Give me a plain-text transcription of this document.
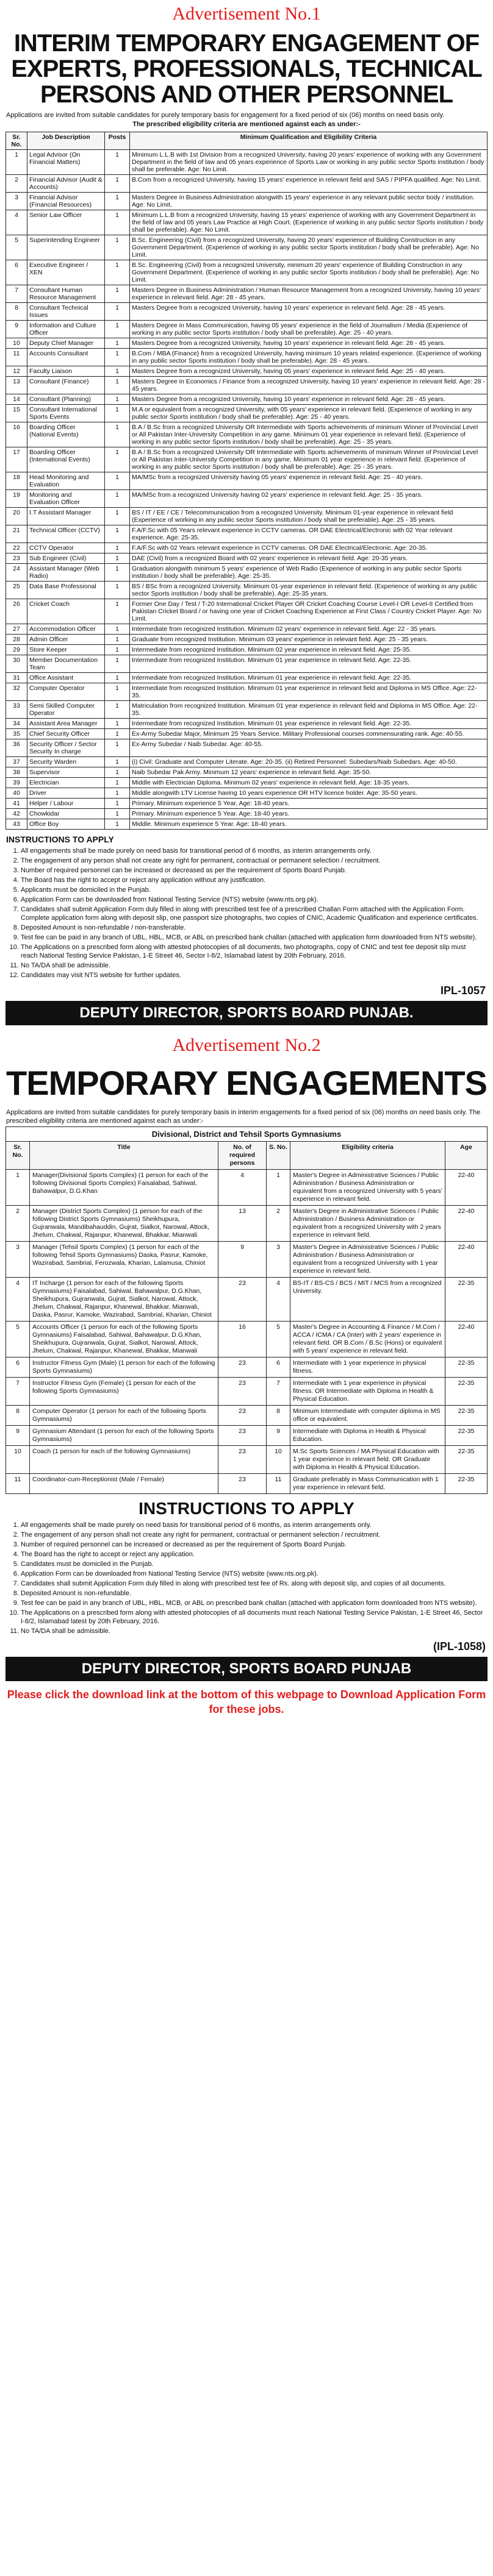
Advertisement No.1
INTERIM TEMPORARY ENGAGEMENT OF EXPERTS, PROFESSIONALS, TECHNICAL PERSONS AND OTHER PERSONNEL
Applications are invited from suitable candidates for purely temporary basis for engagement for a fixed period of six (06) months on need basis only.
The prescribed eligibility criteria are mentioned against each as under:-
Sr. No.	Job Description	Posts	Minimum Qualification and Eligibility Criteria
1	Legal Advisor (On Financial Matters)	1	Minimum L.L.B with 1st Division from a recognized University, having 20 years' experience of working with any Government Department in the field of law and 05 years experience of Sports Law or working in any public sector Sports institution / body shall be preferable. Age: No Limit.
2	Financial Advisor (Audit & Accounts)	1	B.Com from a recognized University, having 15 years' experience in relevant field and SAS / PIPFA qualified. Age: No Limit.
3	Financial Advisor (Financial Resources)	1	Masters Degree in Business Administration alongwith 15 years' experience in any relevant public sector body / institution. Age: No Limit.
4	Senior Law Officer	1	Minimum L.L.B from a recognized University, having 15 years' experience of working with any Government Department in the field of law and 05 years Law Practice at High Court. (Experience of working in any public sector Sports institution / body shall be preferable). Age: No Limit.
5	Superintending Engineer	1	B.Sc. Engineering (Civil) from a recognized University, having 20 years' experience of Building Construction in any Government Department. (Experience of working in any public sector Sports institution / body shall be preferable). Age: No Limit.
6	Executive Engineer / XEN	1	B.Sc. Engineering (Civil) from a recognized University, minimum 20 years' experience of Building Construction in any Government Department. (Experience of working in any public sector Sports institution / body shall be preferable). Age: No Limit.
7	Consultant Human Resource Management	1	Masters Degree in Business Administration / Human Resource Management from a recognized University, having 10 years' experience in relevant field. Age: 28 - 45 years.
8	Consultant Technical Issues	1	Masters Degree from a recognized University, having 10 years' experience in relevant field. Age: 28 - 45 years.
9	Information and Culture Officer	1	Masters Degree in Mass Communication, having 05 years' experience in the field of Journalism / Media (Experience of working in any public sector Sports institution / body shall be preferable). Age: 25 - 40 years.
10	Deputy Chief Manager	1	Masters Degree from a recognized University, having 10 years' experience in relevant field. Age: 28 - 45 years.
11	Accounts Consultant	1	B.Com / MBA (Finance) from a recognized University, having minimum 10 years related experience. (Experience of working in any public sector Sports institution / body shall be preferable). Age: 28 - 45 years.
12	Faculty Liaison	1	Masters Degree from a recognized University, having 05 years' experience in relevant field. Age: 25 - 40 years.
13	Consultant (Finance)	1	Masters Degree in Economics / Finance from a recognized University, having 10 years' experience in relevant field. Age: 28 - 45 years.
14	Consultant (Planning)	1	Masters Degree from a recognized University, having 10 years' experience in relevant field. Age: 28 - 45 years.
15	Consultant International Sports Events	1	M.A or equivalent from a recognized University, with 05 years' experience in relevant field. (Experience of working in any public sector Sports institution / body shall be preferable). Age: 25 - 40 years.
16	Boarding Officer (National Events)	1	B.A / B.Sc from a recognized University OR Intermediate with Sports achievements of minimum Winner of Provincial Level or All Pakistan Inter-University Competition in any game. Minimum 01 year experience in relevant field. (Experience of working in any public sector Sports institution / body shall be preferable). Age: 25 - 35 years.
17	Boarding Officer (International Events)	1	B.A / B.Sc from a recognized University OR Intermediate with Sports achievements of minimum Winner of Provincial Level or All Pakistan Inter-University Competition in any game. Minimum 01 year experience in relevant field. (Experience of working in any public sector Sports institution / body shall be preferable). Age: 25 - 35 years.
18	Head Monitoring and Evaluation	1	MA/MSc from a recognized University having 05 years' experience in relevant field. Age: 25 - 40 years.
19	Monitoring and Evaluation Officer	1	MA/MSc from a recognized University having 02 years' experience in relevant field. Age: 25 - 35 years.
20	I.T Assistant Manager	1	BS / IT / EE / CE / Telecommunication from a recognized University. Minimum 01-year experience in relevant field (Experience of working in any public sector Sports institution / body shall be preferable). Age: 25 - 35 years.
21	Technical Officer (CCTV)	1	F.A/F.Sc with 05 Years relevant experience in CCTV cameras. OR DAE Electrical/Electronic with 02 Year relevant experience. Age: 25-35.
22	CCTV Operator	1	F.A/F.Sc with 02 Years relevant experience in CCTV cameras. OR DAE Electrical/Electronic. Age: 20-35.
23	Sub Engineer (Civil)	1	DAE (Civil) from a recognized Board with 02 years' experience in relevant field. Age: 20-35 years.
24	Assistant Manager (Web Radio)	1	Graduation alongwith minimum 5 years' experience of Web Radio (Experience of working in any public sector Sports institution / body shall be preferable). Age: 25-35.
25	Data Base Professional	1	BS / BSc from a recognized University. Minimum 01-year experience in relevant field. (Experience of working in any public sector Sports institution / body shall be preferable). Age: 25-35 years.
26	Cricket Coach	1	Former One Day / Test / T-20 International Cricket Player OR Cricket Coaching Course Level-I OR Level-II Certified from Pakistan Cricket Board / or having one year of Cricket Coaching Experience at First Class / Country Cricket Player. Age: No Limit.
27	Accommodation Officer	1	Intermediate from recognized Institution. Minimum 02 years' experience in relevant field. Age: 22 - 35 years.
28	Admin Officer	1	Graduate from recognized Institution. Minimum 03 years' experience in relevant field. Age: 25 - 35 years.
29	Store Keeper	1	Intermediate from recognized Institution. Minimum 02 year experience in relevant field. Age: 25-35.
30	Member Documentation Team	1	Intermediate from recognized Institution. Minimum 01 year experience in relevant field. Age: 22-35.
31	Office Assistant	1	Intermediate from recognized Institution. Minimum 01 year experience in relevant field. Age: 22-35.
32	Computer Operator	1	Intermediate from recognized Institution. Minimum 01 year experience in relevant field and Diploma in MS Office. Age: 22-35.
33	Semi Skilled Computer Operator	1	Matriculation from recognized Institution. Minimum 01 year experience in relevant field and Diploma in MS Office. Age: 22-35.
34	Assistant Area Manager	1	Intermediate from recognized Institution. Minimum 01 year experience in relevant field. Age: 22-35.
35	Chief Security Officer	1	Ex-Army Subedar Major, Minimum 25 Years Service. Military Professional courses commensurating rank. Age: 40-55.
36	Security Officer / Sector Security In charge	1	Ex-Army Subedar / Naib Subedar. Age: 40-55.
37	Security Warden	1	(i) Civil: Graduate and Computer Literate. Age: 20-35. (ii) Retired Personnel: Subedars/Naib Subedars. Age: 40-50.
38	Supervisor	1	Naib Subedar Pak Army. Minimum 12 years' experience in relevant field. Age: 35-50.
39	Electrician	1	Middle with Electrician Diploma. Minimum 02 years' experience in relevant field. Age: 18-35 years.
40	Driver	1	Middle alongwith LTV License having 10 years experience OR HTV licence holder. Age: 35-50 years.
41	Helper / Labour	1	Primary. Minimum experience 5 Year. Age: 18-40 years.
42	Chowkidar	1	Primary. Minimum experience 5 Year. Age: 18-40 years.
43	Office Boy	1	Middle. Minimum experience 5 Year. Age: 18-40 years.
INSTRUCTIONS TO APPLY
1. All engagements shall be made purely on need basis for transitional period of 6 months, as interim arrangements only.
2. The engagement of any person shall not create any right for permanent, contractual or permanent selection / recruitment.
3. Number of required personnel can be increased or decreased as per the requirement of Sports Board Punjab.
4. The Board has the right to accept or reject any application without any justification.
5. Applicants must be domiciled in the Punjab.
6. Application Form can be downloaded from National Testing Service (NTS) website (www.nts.org.pk).
7. Candidates shall submit Application Form duly filled in along with prescribed test fee of a prescribed Challan Form attached with the Application Form. Complete application form along with deposit slip, one passport size photographs, two copies of CNIC, Academic Qualification and experience certificates.
8. Deposited Amount is non-refundable / non-transferable.
9. Test fee can be paid in any branch of UBL, HBL, MCB, or ABL on prescribed bank challan (attached with application form downloaded from NTS website).
10. The Applications on a prescribed form along with attested photocopies of all documents, two photographs, copy of CNIC and test fee deposit slip must reach National Testing Service Pakistan, 1-E Street 46, Sector I-8/2, Islamabad latest by 20th February, 2016.
11. No TA/DA shall be admissible.
12. Candidates may visit NTS website for further updates.
IPL-1057
DEPUTY DIRECTOR, SPORTS BOARD PUNJAB.
Advertisement No.2
TEMPORARY ENGAGEMENTS
Applications are invited from suitable candidates for purely temporary basis in interim engagements for a fixed period of six (06) months on need basis only. The prescribed eligibility criteria are mentioned against each as under:-
Divisional, District and Tehsil Sports Gymnasiums
Sr. No.	Title	No. of required persons	S. No.	Eligibility criteria	Age
1	Manager(Divisional Sports Complex) (1 person for each of the following Divisional Sports Complex) Faisalabad, Sahiwal, Bahawalpur, D.G.Khan	4	1	Master's Degree in Administrative Sciences / Public Administration / Business Administration or equivalent from a recognized University with 5 years' experience in relevant field.	22-40
2	Manager (District Sports Complex) (1 person for each of the following District Sports Gymnasiums) Sheikhupura, Gujranwala, Mandibahauddin, Gujrat, Sialkot, Narowal, Attock, Jhelum, Chakwal, Rajanpur, Khanewal, Bhakkar, Mianwali	13	2	Master's Degree in Administrative Sciences / Public Administration / Business Administration or equivalent from a recognized University with 2 years experience in relevant field.	22-40
3	Manager (Tehsil Sports Complex) (1 person for each of the following Tehsil Sports Gymnasiums) Daska, Pasrur, Kamoke, Wazirabad, Sambrial, Ferozwala, Kharian, Lalamusa, Chiniot	9	3	Master's Degree in Administrative Sciences / Public Administration / Business Administration or equivalent from a recognized University with 1 year experience in relevant field.	22-40
4	IT Incharge (1 person for each of the following Sports Gymnasiums) Faisalabad, Sahiwal, Bahawalpur, D.G.Khan, Sheikhupura, Gujranwala, Gujrat, Sialkot, Narowal, Attock, Jhelum, Chakwal, Rajanpur, Khanewal, Bhakkar, Mianwali, Daska, Pasrur, Kamoke, Wazirabad, Sambrial, Kharian, Chiniot	23	4	BS-IT / BS-CS / BCS / MIT / MCS from a recognized University.	22-35
5	Accounts Officer (1 person for each of the following Sports Gymnasiums) Faisalabad, Sahiwal, Bahawalpur, D.G.Khan, Sheikhupura, Gujranwala, Gujrat, Sialkot, Narowal, Attock, Jhelum, Chakwal, Rajanpur, Khanewal, Bhakkar, Mianwali	16	5	Master's Degree in Accounting & Finance / M.Com / ACCA / ICMA / CA (Inter) with 2 years' experience in relevant field. OR B.Com / B.Sc (Hons) or equivalent with 5 years' experience in relevant field.	22-40
6	Instructor Fitness Gym (Male) (1 person for each of the following Sports Gymnasiums)	23	6	Intermediate with 1 year experience in physical fitness.	22-35
7	Instructor Fitness Gym (Female) (1 person for each of the following Sports Gymnasiums)	23	7	Intermediate with 1 year experience in physical fitness. OR Intermediate with Diploma in Health & Physical Education.	22-35
8	Computer Operator (1 person for each of the following Sports Gymnasiums)	23	8	Minimum Intermediate with computer diploma in MS office or equivalent.	22-35
9	Gymnasium Attendant (1 person for each of the following Sports Gymnasiums)	23	9	Intermediate with Diploma in Health & Physical Education.	22-35
10	Coach (1 person for each of the following Gymnasiums)	23	10	M.Sc Sports Sciences / MA Physical Education with 1 year experience in relevant field. OR Graduate with Diploma in Health & Physical Education.	22-35
11	Coordinator-cum-Receptionist (Male / Female)	23	11	Graduate preferably in Mass Communication with 1 year experience in relevant field.	22-35
INSTRUCTIONS TO APPLY
1. All engagements shall be made purely on need basis for transitional period of 6 months, as interim arrangements only.
2. The engagement of any person shall not create any right for permanent, contractual or permanent selection / recruitment.
3. Number of required personnel can be increased or decreased as per the requirement of Sports Board Punjab.
4. The Board has the right to accept or reject any application.
5. Candidates must be domiciled in the Punjab.
6. Application Form can be downloaded from National Testing Service (NTS) website (www.nts.org.pk).
7. Candidates shall submit Application Form duly filled in along with prescribed test fee of Rs. along with deposit slip, and copies of all documents.
8. Deposited Amount is non-refundable.
9. Test fee can be paid in any branch of UBL, HBL, MCB, or ABL on prescribed bank challan (attached with application form downloaded from NTS website).
10. The Applications on a prescribed form along with attested photocopies of all documents must reach National Testing Service Pakistan, 1-E Street 46, Sector I-8/2, Islamabad latest by 20th February, 2016.
11. No TA/DA shall be admissible.
(IPL-1058)
DEPUTY DIRECTOR, SPORTS BOARD PUNJAB
Please click the download link at the bottom of this webpage to Download Application Form for these jobs.
